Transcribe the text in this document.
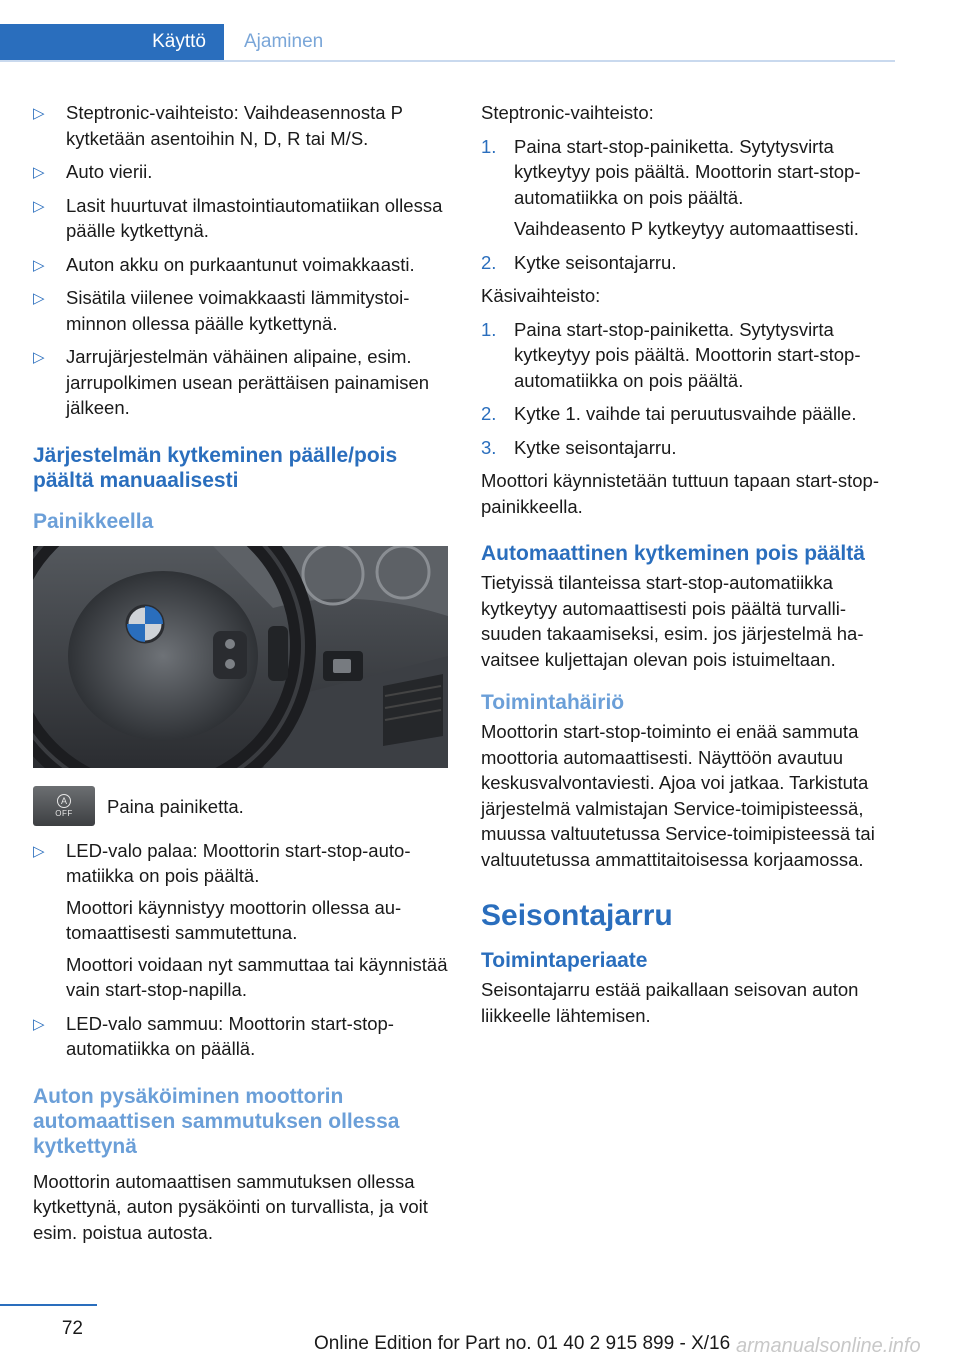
Käyttö	Ajaminen
▷ Steptronic-vaihteisto: Vaihdeasennosta P kytketään asentoihin N, D, R tai M/S.
▷ Auto vierii.
▷ Lasit huurtuvat ilmastointiautomatiikan ollessa päälle kytkettynä.
▷ Auton akku on purkaantunut voimakkaasti.
▷ Sisätila viilenee voimakkaasti lämmitystoiminnon ollessa päälle kytkettynä.
▷ Jarrujärjestelmän vähäinen alipaine, esim. jarrupolkimen usean perättäisen painamisen jälkeen.
Järjestelmän kytkeminen päälle/pois päältä manuaalisesti
Painikkeella
A
OFF Paina painiketta.

▷ LED-valo palaa: Moottorin start-stop-automatiikka on pois päältä.
Moottori käynnistyy moottorin ollessa automaattisesti sammutettuna.
Moottori voidaan nyt sammuttaa tai käynnistää vain start-stop-napilla.
▷ LED-valo sammuu: Moottorin start-stop-automatiikka on päällä.
Auton pysäköiminen moottorin automaattisen sammutuksen ollessa kytkettynä

Moottorin automaattisen sammutuksen ollessa kytkettynä, auton pysäköinti on turvallista, ja voit esim. poistua autosta.

Steptronic-vaihteisto:

1. Paina start-stop-painiketta. Sytytysvirta kytkeytyy pois päältä. Moottorin start-stop-automatiikka on pois päältä.
Vaihdeasento P kytkeytyy automaattisesti.
2. Kytke seisontajarru.

Käsivaihteisto:

1. Paina start-stop-painiketta. Sytytysvirta kytkeytyy pois päältä. Moottorin start-stop-automatiikka on pois päältä.
2. Kytke 1. vaihde tai peruutusvaihde päälle.
3. Kytke seisontajarru.

Moottori käynnistetään tuttuun tapaan start-stop-painikkeella.

Automaattinen kytkeminen pois päältä

Tietyissä tilanteissa start-stop-automatiikka kytkeytyy automaattisesti pois päältä turvallisuuden takaamiseksi, esim. jos järjestelmä havaitsee kuljettajan olevan pois istuimeltaan.

Toimintahäiriö

Moottorin start-stop-toiminto ei enää sammuta moottoria automaattisesti. Näyttöön avautuu keskusvalvontaviesti. Ajoa voi jatkaa. Tarkistuta järjestelmä valmistajan Service-toimipisteessä, muussa valtuutetussa Service-toimipisteessä tai valtuutetussa ammattitaitoisessa korjaamossa.

Seisontajarru
Toimintaperiaate

Seisontajarru estää paikallaan seisovan auton liikkeelle lähtemisen.

72
Online Edition for Part no. 01 40 2 915 899 - X/16 armanualsonline.info
